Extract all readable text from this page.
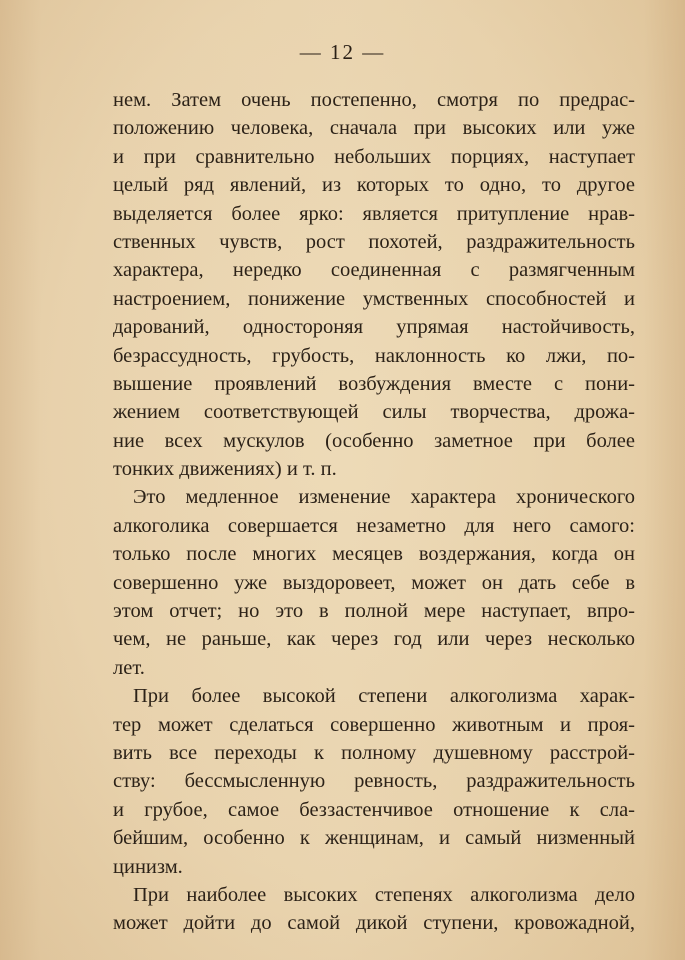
— 12 —
нем. Затем очень постепенно, смотря по предрас-
положению человека, сначала при высоких или уже
и при сравнительно небольших порциях, наступает
целый ряд явлений, из которых то одно, то другое
выделяется более ярко: является притупление нрав-
ственных чувств, рост похотей, раздражительность
характера, нередко соединенная с размягченным
настроением, понижение умственных способностей и
дарований, одностороняя упрямая настойчивость,
безрассудность, грубость, наклонность ко лжи, по-
вышение проявлений возбуждения вместе с пони-
жением соответствующей силы творчества, дрожа-
ние всех мускулов (особенно заметное при более
тонких движениях) и т. п.
Это медленное изменение характера хронического
алкоголика совершается незаметно для него самого:
только после многих месяцев воздержания, когда он
совершенно уже выздоровеет, может он дать себе в
этом отчет; но это в полной мере наступает, впро-
чем, не раньше, как через год или через несколько
лет.
При более высокой степени алкоголизма харак-
тер может сделаться совершенно животным и проя-
вить все переходы к полному душевному расстрой-
ству: бессмысленную ревность, раздражительность
и грубое, самое беззастенчивое отношение к сла-
бейшим, особенно к женщинам, и самый низменный
цинизм.
При наиболее высоких степенях алкоголизма дело
может дойти до самой дикой ступени, кровожадной,
